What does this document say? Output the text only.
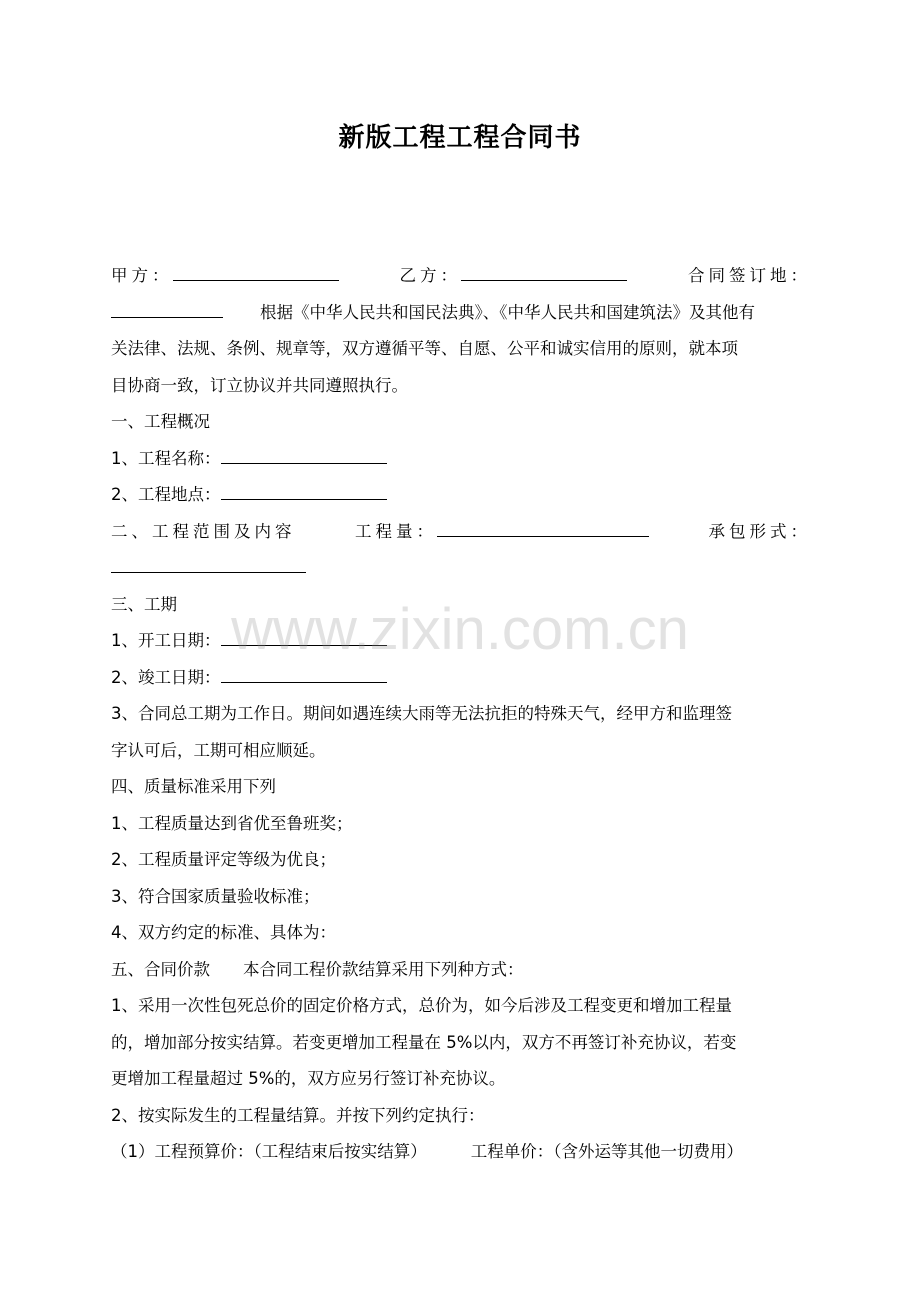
新版工程工程合同书
甲方：	乙方：	合同签订地：
根据《中华人民共和国民法典》、《中华人民共和国建筑法》及其他有
关法律、法规、条例、规章等，双方遵循平等、自愿、公平和诚实信用的原则，就本项
目协商一致，订立协议并共同遵照执行。
一、工程概况
1、工程名称：
2、工程地点：
二、工程范围及内容	工程量：	承包形式：
三、工期
1、开工日期：
2、竣工日期：
3、合同总工期为工作日。期间如遇连续大雨等无法抗拒的特殊天气，经甲方和监理签
字认可后，工期可相应顺延。
四、质量标准采用下列
1、工程质量达到省优至鲁班奖；
2、工程质量评定等级为优良；
3、符合国家质量验收标准；
4、双方约定的标准、具体为：
五、合同价款 本合同工程价款结算采用下列种方式：
1、采用一次性包死总价的固定价格方式，总价为，如今后涉及工程变更和增加工程量
的，增加部分按实结算。若变更增加工程量在 5%以内，双方不再签订补充协议，若变
更增加工程量超过 5%的，双方应另行签订补充协议。
2、按实际发生的工程量结算。并按下列约定执行：
（1）工程预算价：（工程结束后按实结算）	工程单价：（含外运等其他一切费用）
www.zixin.com.cn
